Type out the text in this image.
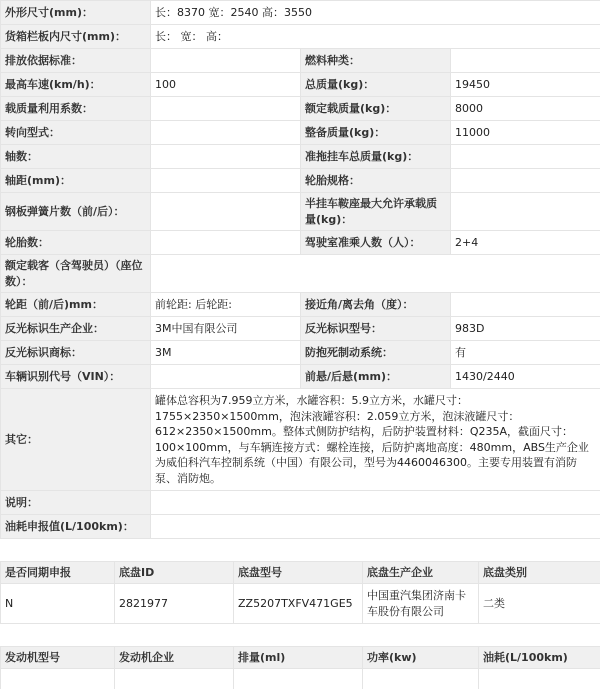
外形尺寸(mm)：	长：8370 宽：2540 高：3550		
货箱栏板内尺寸(mm)：	长： 宽： 高：		
排放依据标准：		燃料种类：	
最高车速(km/h)：	100	总质量(kg)：	19450
载质量利用系数：		额定载质量(kg)：	8000
转向型式：		整备质量(kg)：	11000
轴数：		准拖挂车总质量(kg)：	
轴距(mm)：		轮胎规格：	
钢板弹簧片数（前/后）：		半挂车鞍座最大允许承载质量(kg)：	
轮胎数：		驾驶室准乘人数（人）：	2+4
额定载客（含驾驶员）（座位数）：			
轮距（前/后)mm：	前轮距: 后轮距:	接近角/离去角（度）：	
反光标识生产企业：	3M中国有限公司	反光标识型号：	983D
反光标识商标：	3M	防抱死制动系统：	有
车辆识别代号（VIN）：		前悬/后悬(mm)：	1430/2440
其它：	罐体总容积为7.959立方米，水罐容积：5.9立方米，水罐尺寸：1755×2350×1500mm，泡沫液罐容积：2.059立方米，泡沫液罐尺寸：612×2350×1500mm。整体式侧防护结构，后防护装置材料：Q235A，截面尺寸：100×100mm，与车辆连接方式：螺栓连接，后防护离地高度：480mm，ABS生产企业为威伯科汽车控制系统（中国）有限公司，型号为4460046300。主要专用装置有消防泵、消防炮。		
说明：			
油耗申报值(L/100km)：			
是否同期申报	底盘ID	底盘型号	底盘生产企业	底盘类别
N	2821977	ZZ5207TXFV471GE5	中国重汽集团济南卡车股份有限公司	二类
发动机型号	发动机企业	排量(ml)	功率(kw)	油耗(L/100km)
